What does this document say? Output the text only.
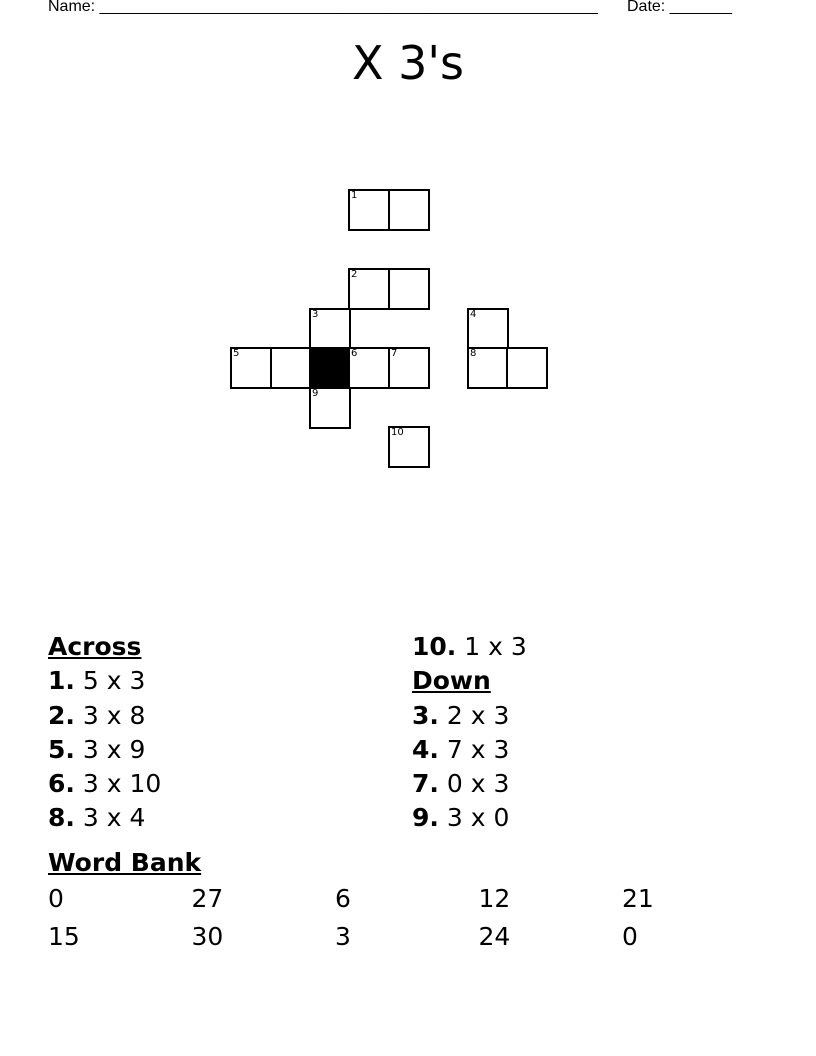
Name: ________________________________________________________ Date: _______
X 3's
1
2
3	4
5	6	7	8
9
10
Across
1. 5 x 3
2. 3 x 8
5. 3 x 9
6. 3 x 10
8. 3 x 4
10. 1 x 3
Down
3. 2 x 3
4. 7 x 3
7. 0 x 3
9. 3 x 0
Word Bank
0	27	6	12	21
15	30	3	24	0
